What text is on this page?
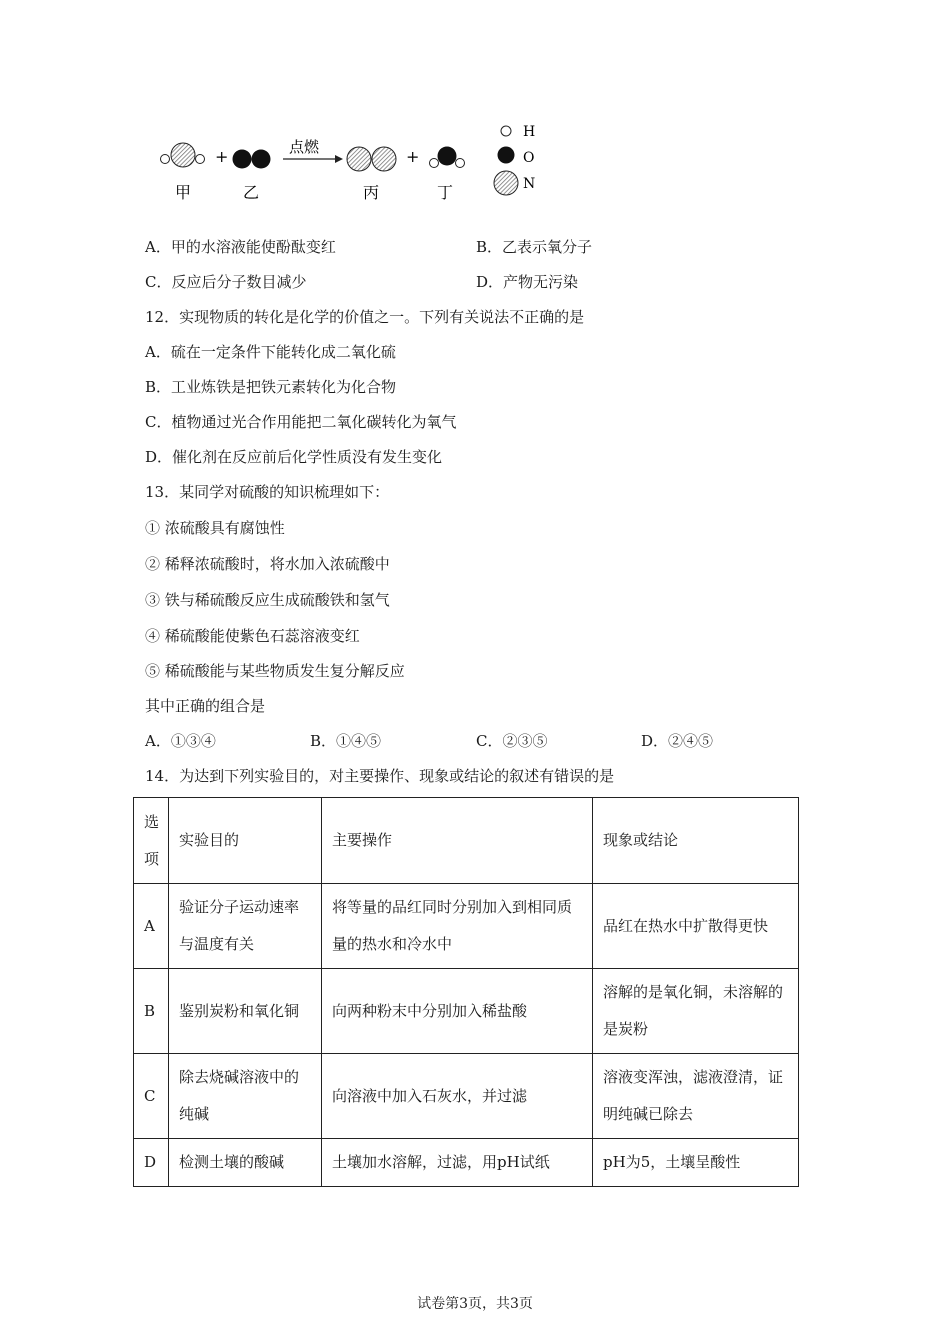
+	点燃	+
甲	乙	丙	丁
H
O
N
A．甲的水溶液能使酚酞变红	B．乙表示氧分子
C．反应后分子数目减少	D．产物无污染
12．实现物质的转化是化学的价值之一。下列有关说法不正确的是
A．硫在一定条件下能转化成二氧化硫
B．工业炼铁是把铁元素转化为化合物
C．植物通过光合作用能把二氧化碳转化为氧气
D．催化剂在反应前后化学性质没有发生变化
13．某同学对硫酸的知识梳理如下：
① 浓硫酸具有腐蚀性
② 稀释浓硫酸时，将水加入浓硫酸中
③ 铁与稀硫酸反应生成硫酸铁和氢气
④ 稀硫酸能使紫色石蕊溶液变红
⑤ 稀硫酸能与某些物质发生复分解反应
其中正确的组合是
A．①③④	B．①④⑤	C．②③⑤	D．②④⑤
14．为达到下列实验目的，对主要操作、现象或结论的叙述有错误的是
选项	实验目的	主要操作	现象或结论
A	验证分子运动速率与温度有关	将等量的品红同时分别加入到相同质量的热水和冷水中	品红在热水中扩散得更快
B	鉴别炭粉和氧化铜	向两种粉末中分别加入稀盐酸	溶解的是氧化铜，未溶解的是炭粉
C	除去烧碱溶液中的纯碱	向溶液中加入石灰水，并过滤	溶液变浑浊，滤液澄清，证明纯碱已除去
D	检测土壤的酸碱	土壤加水溶解，过滤，用pH试纸	pH为5，土壤呈酸性
试卷第3页，共3页
